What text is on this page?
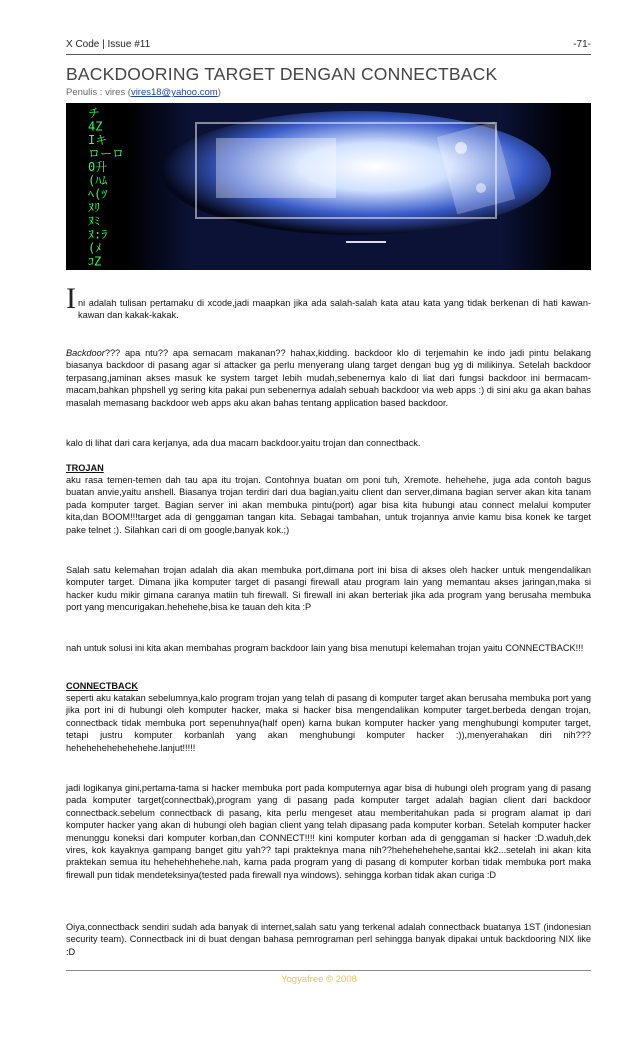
X Code | Issue #11	-71-
BACKDOORING TARGET DENGAN CONNECTBACK
Penulis : vires (vires18@yahoo.com)
チ
4Z
Iキ
ローロ
0升
(ﾊﾑ
ﾍ(ﾂ
ﾇﾘ
ﾇﾐ
ﾇ:ﾗ
(ﾒ
ｺZ
I ni adalah tulisan pertamaku di xcode,jadi maapkan jika ada salah-salah kata atau kata yang tidak berkenan di hati kawan-kawan dan kakak-kakak.

Backdoor??? apa ntu?? apa semacam makanan?? hahax,kidding. backdoor klo di terjemahin ke indo jadi pintu belakang biasanya backdoor di pasang agar si attacker ga perlu menyerang ulang target dengan bug yg di milikinya. Setelah backdoor terpasang,jaminan akses masuk ke system target lebih mudah,sebenernya kalo di liat dari fungsi backdoor ini bermacam-macam,bahkan phpshell yg sering kita pakai pun sebenernya adalah sebuah backdoor via web apps :) di sini aku ga akan bahas masalah memasang backdoor web apps aku akan bahas tentang application based backdoor.

kalo di lihat dari cara kerjanya, ada dua macam backdoor.yaitu trojan dan connectback.

TROJAN

aku rasa temen-temen dah tau apa itu trojan. Contohnya buatan om poni tuh, Xremote. hehehehe, juga ada contoh bagus buatan anvie,yaitu anshell. Biasanya trojan terdiri dari dua bagian,yaitu client dan server,dimana bagian server akan kita tanam pada komputer target. Bagian server ini akan membuka pintu(port) agar bisa kita hubungi atau connect melalui komputer kita,dan BOOM!!!target ada di genggaman tangan kita. Sebagai tambahan, untuk trojannya anvie kamu bisa konek ke target pake telnet ;). Silahkan cari di om google,banyak kok.;)

Salah satu kelemahan trojan adalah dia akan membuka port,dimana port ini bisa di akses oleh hacker untuk mengendalikan komputer target. Dimana jika komputer target di pasangi firewall atau program lain yang memantau akses jaringan,maka si hacker kudu mikir gimana caranya matiin tuh firewall. Si firewall ini akan berteriak jika ada program yang berusaha membuka port yang mencurigakan.hehehehe,bisa ke tauan deh kita :P

nah untuk solusi ini kita akan membahas program backdoor lain yang bisa menutupi kelemahan trojan yaitu CONNECTBACK!!!

CONNECTBACK

seperti aku katakan sebelumnya,kalo program trojan yang telah di pasang di komputer target akan berusaha membuka port yang jika port ini di hubungi oleh komputer hacker, maka si hacker bisa mengendalikan komputer target.berbeda dengan trojan, connectback tidak membuka port sepenuhnya(half open) karna bukan komputer hacker yang menghubungi komputer target, tetapi justru komputer korbanlah yang akan menghubungi komputer hacker :)),menyerahakan diri nih???hehehehehehehehehe.lanjut!!!!!

jadi logikanya gini,pertama-tama si hacker membuka port pada komputernya agar bisa di hubungi oleh program yang di pasang pada komputer target(connectbak),program yang di pasang pada komputer target adalah bagian client dari backdoor connectback.sebelum connectback di pasang, kita perlu mengeset atau memberitahukan pada si program alamat ip dari komputer hacker yang akan di hubungi oleh bagian client yang telah dipasang pada komputer korban. Setelah komputer hacker menunggu koneksi dari komputer korban,dan CONNECT!!!! kini komputer korban ada di genggaman si hacker :D.waduh,dek vires, kok kayaknya gampang banget gitu yah?? tapi prakteknya mana nih??hehehehehehe,santai kk2...setelah ini akan kita praktekan semua itu hehehehhehehe.nah, karna pada program yang di pasang di komputer korban tidak membuka port maka firewall pun tidak mendeteksinya(tested pada firewall nya windows). sehingga korban tidak akan curiga :D

Oiya,connectback sendiri sudah ada banyak di internet,salah satu yang terkenal adalah connectback buatanya 1ST (indonesian security team). Connectback ini di buat dengan bahasa pemrograman perl sehingga banyak dipakai untuk backdooring NIX like :D

Yogyafree © 2008
